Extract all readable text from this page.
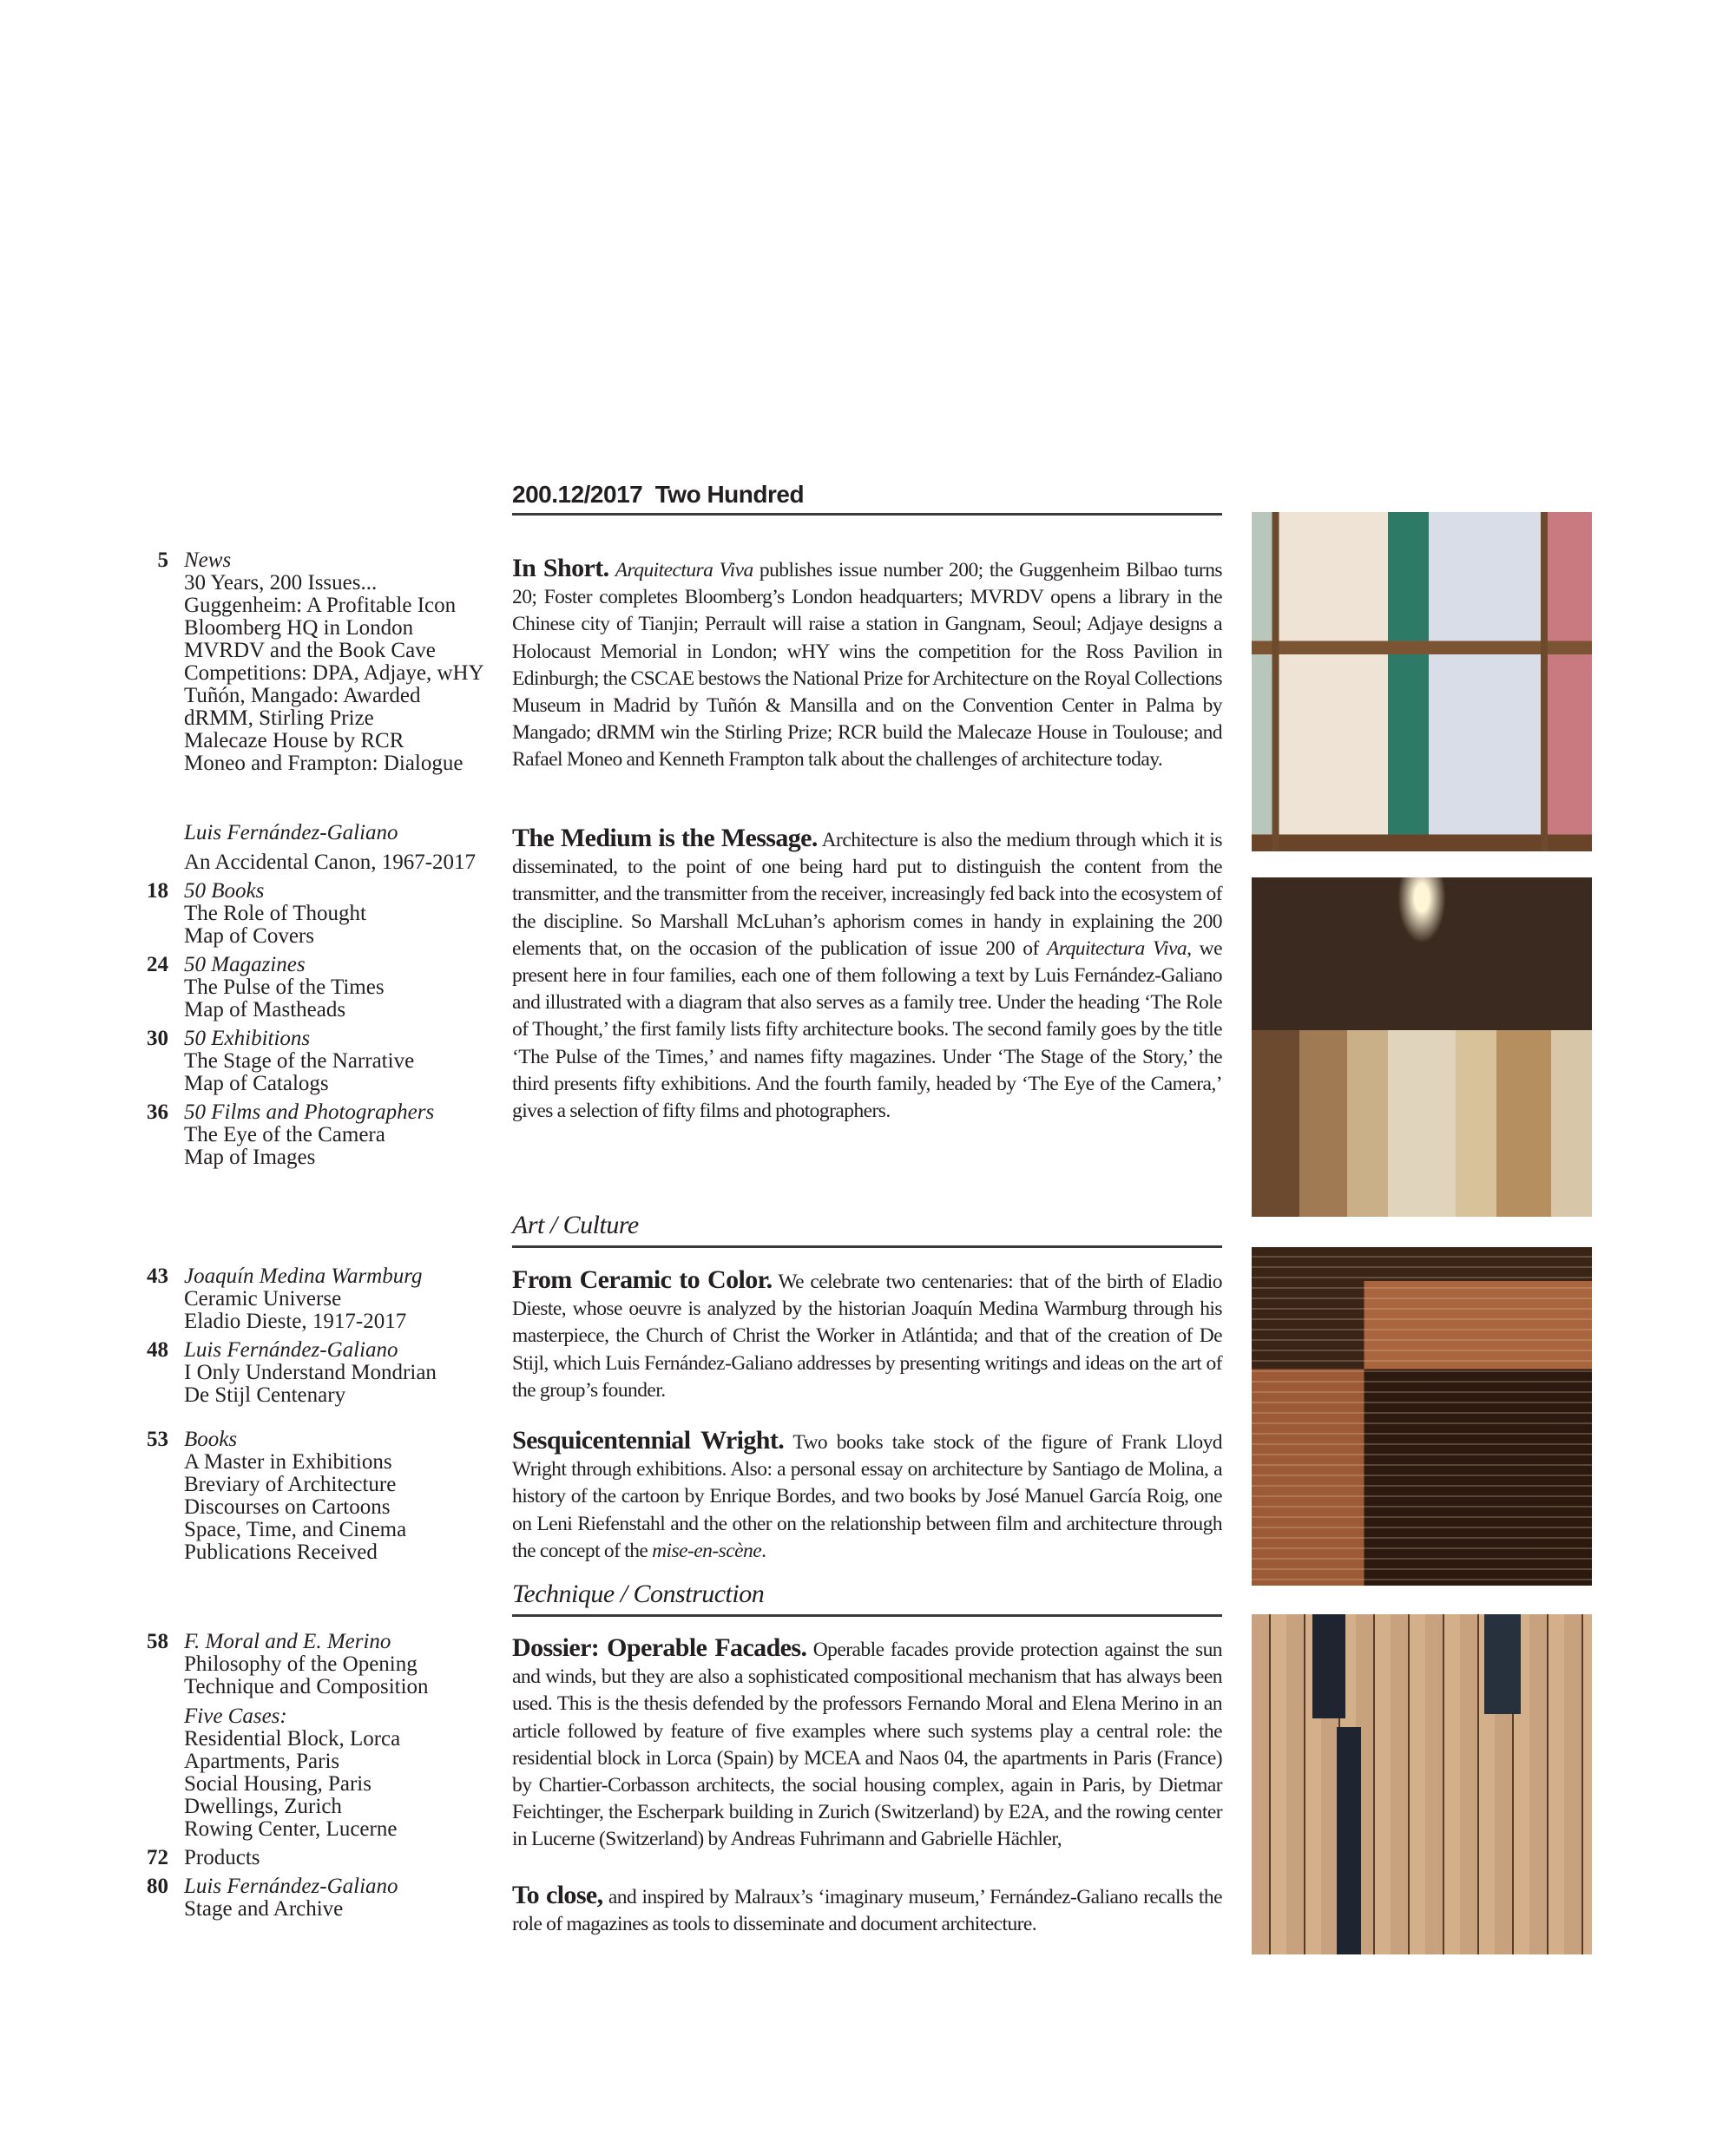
200.12/2017  Two Hundred
5 News
30 Years, 200 Issues...
Guggenheim: A Profitable Icon
Bloomberg HQ in London
MVRDV and the Book Cave
Competitions: DPA, Adjaye, wHY
Tuñón, Mangado: Awarded
dRMM, Stirling Prize
Malecaze House by RCR
Moneo and Frampton: Dialogue
Luis Fernández-Galiano
An Accidental Canon, 1967-2017
18 50 Books
The Role of Thought
Map of Covers
24 50 Magazines
The Pulse of the Times
Map of Mastheads
30 50 Exhibitions
The Stage of the Narrative
Map of Catalogs
36 50 Films and Photographers
The Eye of the Camera
Map of Images
43 Joaquín Medina Warmburg
Ceramic Universe
Eladio Dieste, 1917-2017
48 Luis Fernández-Galiano
I Only Understand Mondrian
De Stijl Centenary
53 Books
A Master in Exhibitions
Breviary of Architecture
Discourses on Cartoons
Space, Time, and Cinema
Publications Received
58 F. Moral and E. Merino
Philosophy of the Opening
Technique and Composition
Five Cases:
Residential Block, Lorca
Apartments, Paris
Social Housing, Paris
Dwellings, Zurich
Rowing Center, Lucerne
72 Products
80 Luis Fernández-Galiano
Stage and Archive
In Short. Arquitectura Viva publishes issue number 200; the Guggenheim Bilbao turns 20; Foster completes Bloomberg’s London headquarters; MVRDV opens a library in the Chinese city of Tianjin; Perrault will raise a station in Gangnam, Seoul; Adjaye designs a Holocaust Memorial in London; wHY wins the competition for the Ross Pavilion in Edinburgh; the CSCAE bestows the National Prize for Architecture on the Royal Collections Museum in Madrid by Tuñón & Mansilla and on the Convention Center in Palma by Mangado; dRMM win the Stirling Prize; RCR build the Malecaze House in Toulouse; and Rafael Moneo and Kenneth Frampton talk about the challenges of architecture today.
The Medium is the Message. Architecture is also the medium through which it is disseminated, to the point of one being hard put to distinguish the content from the transmitter, and the transmitter from the receiver, increasingly fed back into the ecosystem of the discipline. So Marshall McLuhan’s aphorism comes in handy in explaining the 200 elements that, on the occasion of the publication of issue 200 of Arquitectura Viva, we present here in four families, each one of them following a text by Luis Fernández-Galiano and illustrated with a diagram that also serves as a family tree. Under the heading ‘The Role of Thought,’ the first family lists fifty architecture books. The second family goes by the title ‘The Pulse of the Times,’ and names fifty magazines. Under ‘The Stage of the Story,’ the third presents fifty exhibitions. And the fourth family, headed by ‘The Eye of the Camera,’ gives a selection of fifty films and photographers.
Art / Culture
From Ceramic to Color. We celebrate two centenaries: that of the birth of Eladio Dieste, whose oeuvre is analyzed by the historian Joaquín Medina Warmburg through his masterpiece, the Church of Christ the Worker in Atlántida; and that of the creation of De Stijl, which Luis Fernández-Galiano addresses by presenting writings and ideas on the art of the group’s founder.
Sesquicentennial Wright. Two books take stock of the figure of Frank Lloyd Wright through exhibitions. Also: a personal essay on architecture by Santiago de Molina, a history of the cartoon by Enrique Bordes, and two books by José Manuel García Roig, one on Leni Riefenstahl and the other on the relationship between film and architecture through the concept of the mise-en-scène.
Technique / Construction
Dossier: Operable Facades. Operable facades provide protection against the sun and winds, but they are also a sophisticated compositional mechanism that has always been used. This is the thesis defended by the professors Fernando Moral and Elena Merino in an article followed by feature of five examples where such systems play a central role: the residential block in Lorca (Spain) by MCEA and Naos 04, the apartments in Paris (France) by Chartier-Corbasson architects, the social housing complex, again in Paris, by Dietmar Feichtinger, the Escherpark building in Zurich (Switzerland) by E2A, and the rowing center in Lucerne (Switzerland) by Andreas Fuhrimann and Gabrielle Hächler,
To close, and inspired by Malraux’s ‘imaginary museum,’ Fernández-Galiano recalls the role of magazines as tools to disseminate and document architecture.
